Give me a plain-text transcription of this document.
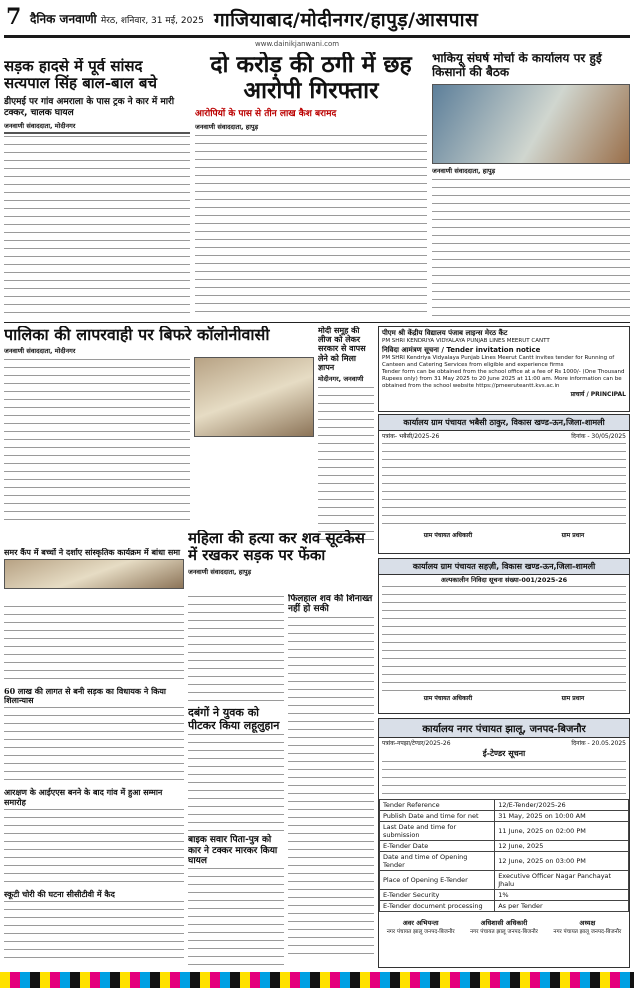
7 दैनिक जनवाणी मेरठ, शनिवार, 31 मई, 2025 गाजियाबाद/मोदीनगर/हापुड़/आसपास
www.dainikjanwani.com
सड़क हादसे में पूर्व सांसद सत्यपाल सिंह बाल-बाल बचे
डीएमई पर गांव अमराला के पास ट्रक ने कार में मारी टक्कर, चालक घायल
जनवाणी संवाददाता, मोदीनगर
दो करोड़ की ठगी में छह आरोपी गिरफ्तार
आरोपियों के पास से तीन लाख कैश बरामद
जनवाणी संवाददाता, हापुड़
भाकियू संघर्ष मोर्चा के कार्यालय पर हुई किसानों की बैठक
जनवाणी संवाददाता, हापुड़
पालिका की लापरवाही पर बिफरे कॉलोनीवासी
जनवाणी संवाददाता, मोदीनगर
मोदी समूह की लीज को लेकर सरकार से वापस लेने को मिला ज्ञापन
मोदीनगर, जनवाणी
पीएम श्री केंद्रीय विद्यालय पंजाब लाइन्स मेरठ कैंट
PM SHRI KENDRIYA VIDYALAYA PUNJAB LINES MEERUT CANTT
निविदा आमंत्रण सूचना / Tender invitation notice
PM SHRI Kendriya Vidyalaya Punjab Lines Meerut Cantt invites tender for Running of Canteen and Catering Services from eligible and experience firms
Tender form can be obtained from the school office at a fee of Rs 1000/- (One Thousand Rupees only) from 31 May 2025 to 20 June 2025 at 11:00 am. More information can be obtained from the school website https://pmeeruteantt.kvs.ac.in
प्राचार्य / PRINCIPAL
कार्यालय ग्राम पंचायत भबैसी ठाकुर, विकास खण्ड-ऊन,जिला-शामली
पत्रांक- भबैसी/2025-26	दिनांक - 30/05/2025
ग्राम पंचायत अधिकारी	ग्राम प्रधान
समर कैंप में बच्चों ने दर्शाए सांस्कृतिक कार्यक्रम में बांधा समा
महिला की हत्या कर शव सूटकेस में रखकर सड़क पर फेंका
जनवाणी संवाददाता, हापुड़
60 लाख की लागत से बनी सड़क का विधायक ने किया शिलान्यास
आरक्षण के आईएएस बनने के बाद गांव में हुआ सम्मान समारोह
स्कूटी चोरी की घटना सीसीटीवी में कैद
दबंगों ने युवक को पीटकर किया लहूलुहान
बाइक सवार पिता-पुत्र को कार ने टक्कर मारकर किया घायल
फिलहाल शव की शिनाख्त नहीं हो सकी
कार्यालय ग्राम पंचायत सहज़ी, विकास खण्ड-ऊन,जिला-शामली
अल्पकालीन निविदा सूचना संख्या-001/2025-26
ग्राम पंचायत अधिकारी	ग्राम प्रधान
कार्यालय नगर पंचायत झालू, जनपद-बिजनौर
पत्रांक-नपझा/टेण्डर/2025-26	दिनांक - 20.05.2025
ई-टेण्डर सूचना
Tender Reference	12/E-Tender/2025-26
Publish Date and time for net	31 May, 2025 on 10:00 AM
Last Date and time for submission	11 June, 2025 on 02:00 PM
E-Tender Date	12 June, 2025
Date and time of Opening Tender	12 June, 2025 on 03:00 PM
Place of Opening E-Tender	Executive Officer Nagar Panchayat Jhalu
E-Tender Security	1%
E-Tender document processing	As per Tender
अवर अभियन्ता
नगर पंचायत झालू जनपद-बिजनौर
अधिशासी अधिकारी
नगर पंचायत झालू जनपद-बिजनौर
अध्यक्ष
नगर पंचायत झालू जनपद-बिजनौर
